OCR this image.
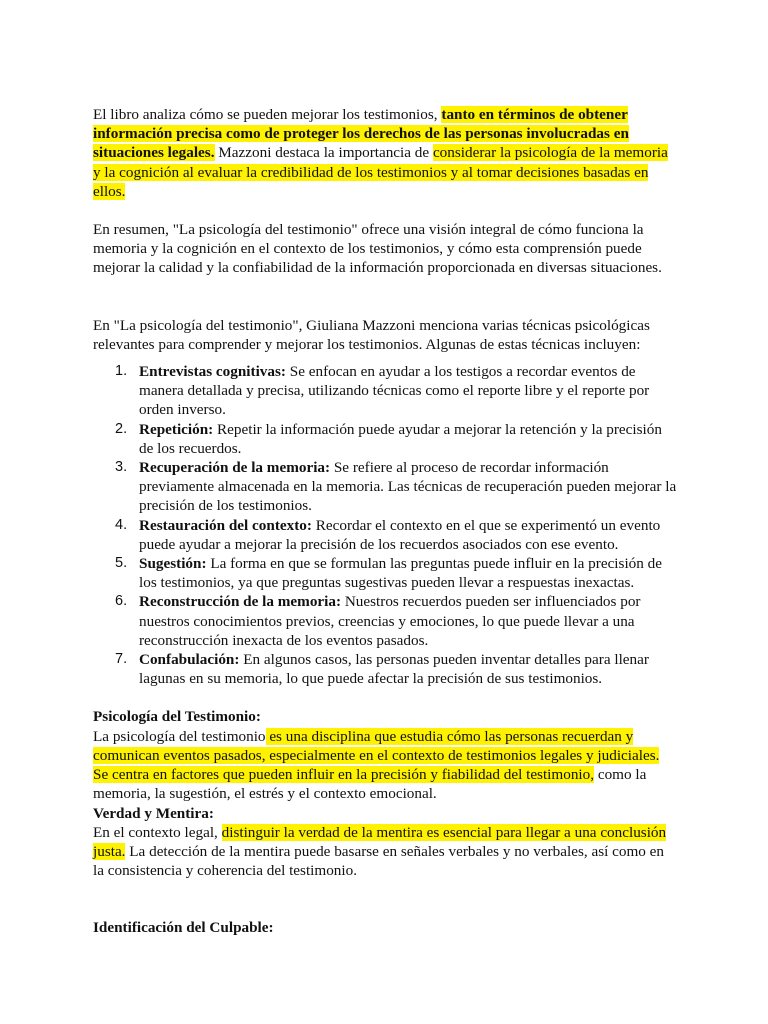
El libro analiza cómo se pueden mejorar los testimonios, tanto en términos de obtener información precisa como de proteger los derechos de las personas involucradas en situaciones legales. Mazzoni destaca la importancia de considerar la psicología de la memoria y la cognición al evaluar la credibilidad de los testimonios y al tomar decisiones basadas en ellos.

En resumen, "La psicología del testimonio" ofrece una visión integral de cómo funciona la memoria y la cognición en el contexto de los testimonios, y cómo esta comprensión puede mejorar la calidad y la confiabilidad de la información proporcionada en diversas situaciones.

En "La psicología del testimonio", Giuliana Mazzoni menciona varias técnicas psicológicas relevantes para comprender y mejorar los testimonios. Algunas de estas técnicas incluyen:

1. Entrevistas cognitivas: Se enfocan en ayudar a los testigos a recordar eventos de manera detallada y precisa, utilizando técnicas como el reporte libre y el reporte por orden inverso.
2. Repetición: Repetir la información puede ayudar a mejorar la retención y la precisión de los recuerdos.
3. Recuperación de la memoria: Se refiere al proceso de recordar información previamente almacenada en la memoria. Las técnicas de recuperación pueden mejorar la precisión de los testimonios.
4. Restauración del contexto: Recordar el contexto en el que se experimentó un evento puede ayudar a mejorar la precisión de los recuerdos asociados con ese evento.
5. Sugestión: La forma en que se formulan las preguntas puede influir en la precisión de los testimonios, ya que preguntas sugestivas pueden llevar a respuestas inexactas.
6. Reconstrucción de la memoria: Nuestros recuerdos pueden ser influenciados por nuestros conocimientos previos, creencias y emociones, lo que puede llevar a una reconstrucción inexacta de los eventos pasados.
7. Confabulación: En algunos casos, las personas pueden inventar detalles para llenar lagunas en su memoria, lo que puede afectar la precisión de sus testimonios.

Psicología del Testimonio:

La psicología del testimonio es una disciplina que estudia cómo las personas recuerdan y comunican eventos pasados, especialmente en el contexto de testimonios legales y judiciales. Se centra en factores que pueden influir en la precisión y fiabilidad del testimonio, como la memoria, la sugestión, el estrés y el contexto emocional.

Verdad y Mentira:

En el contexto legal, distinguir la verdad de la mentira es esencial para llegar a una conclusión justa. La detección de la mentira puede basarse en señales verbales y no verbales, así como en la consistencia y coherencia del testimonio.

Identificación del Culpable:
